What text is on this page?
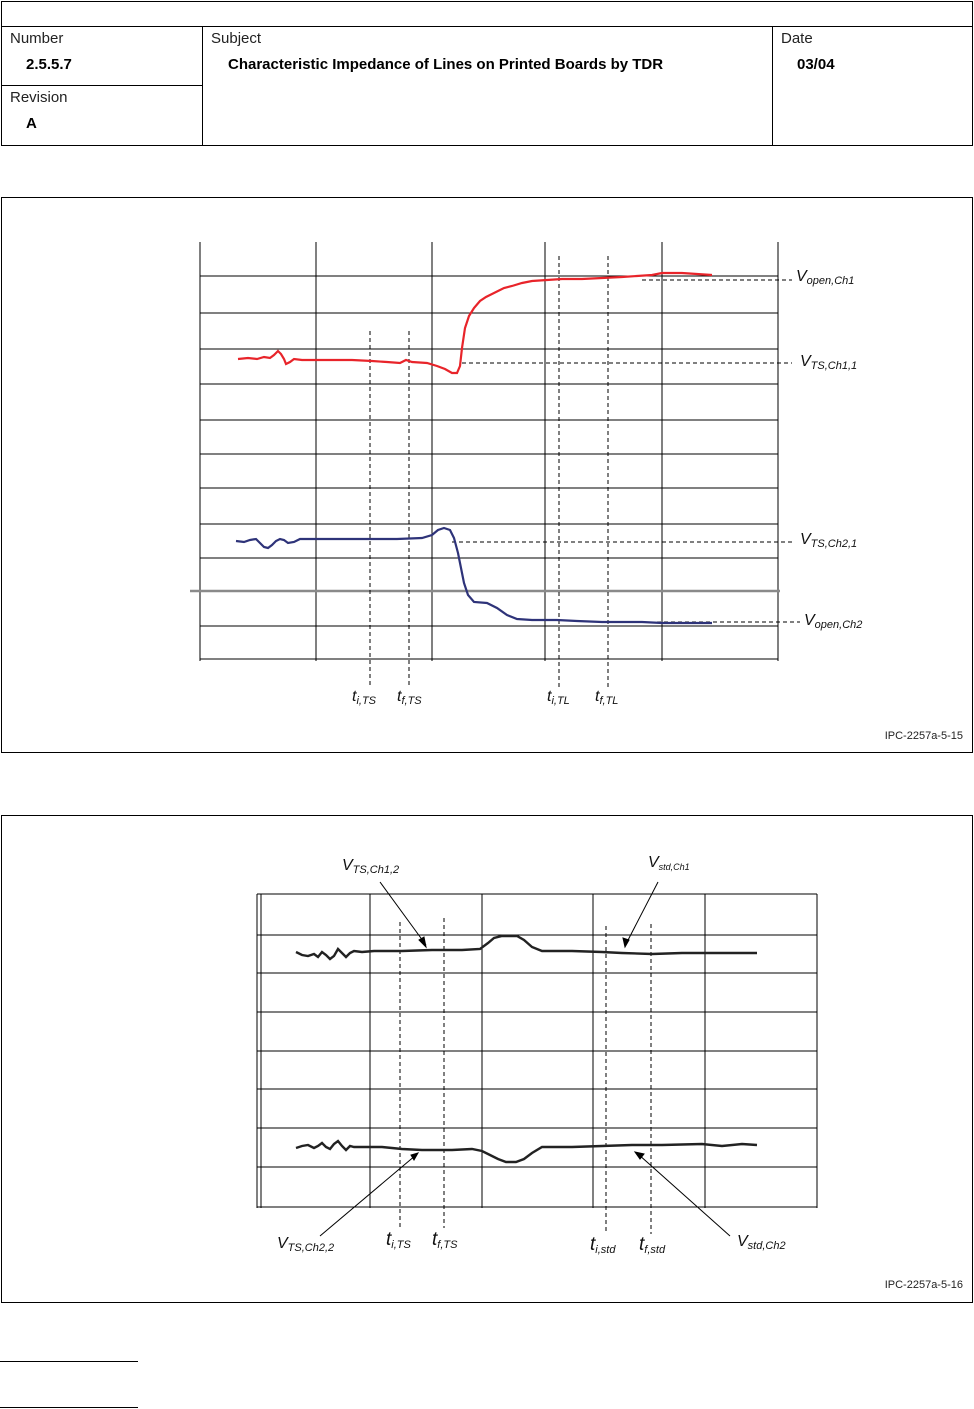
Number
2.5.5.7
Revision
A
Subject
Characteristic Impedance of Lines on Printed Boards by TDR
Date
03/04
Vopen,Ch1
VTS,Ch1,1
VTS,Ch2,1
Vopen,Ch2
ti,TS tf,TS	ti,TL tf,TL
IPC-2257a-5-15
VTS,Ch1,2	Vstd,Ch1
VTS,Ch2,2	Vstd,Ch2
ti,TS tf,TS	ti,std tf,std
IPC-2257a-5-16
